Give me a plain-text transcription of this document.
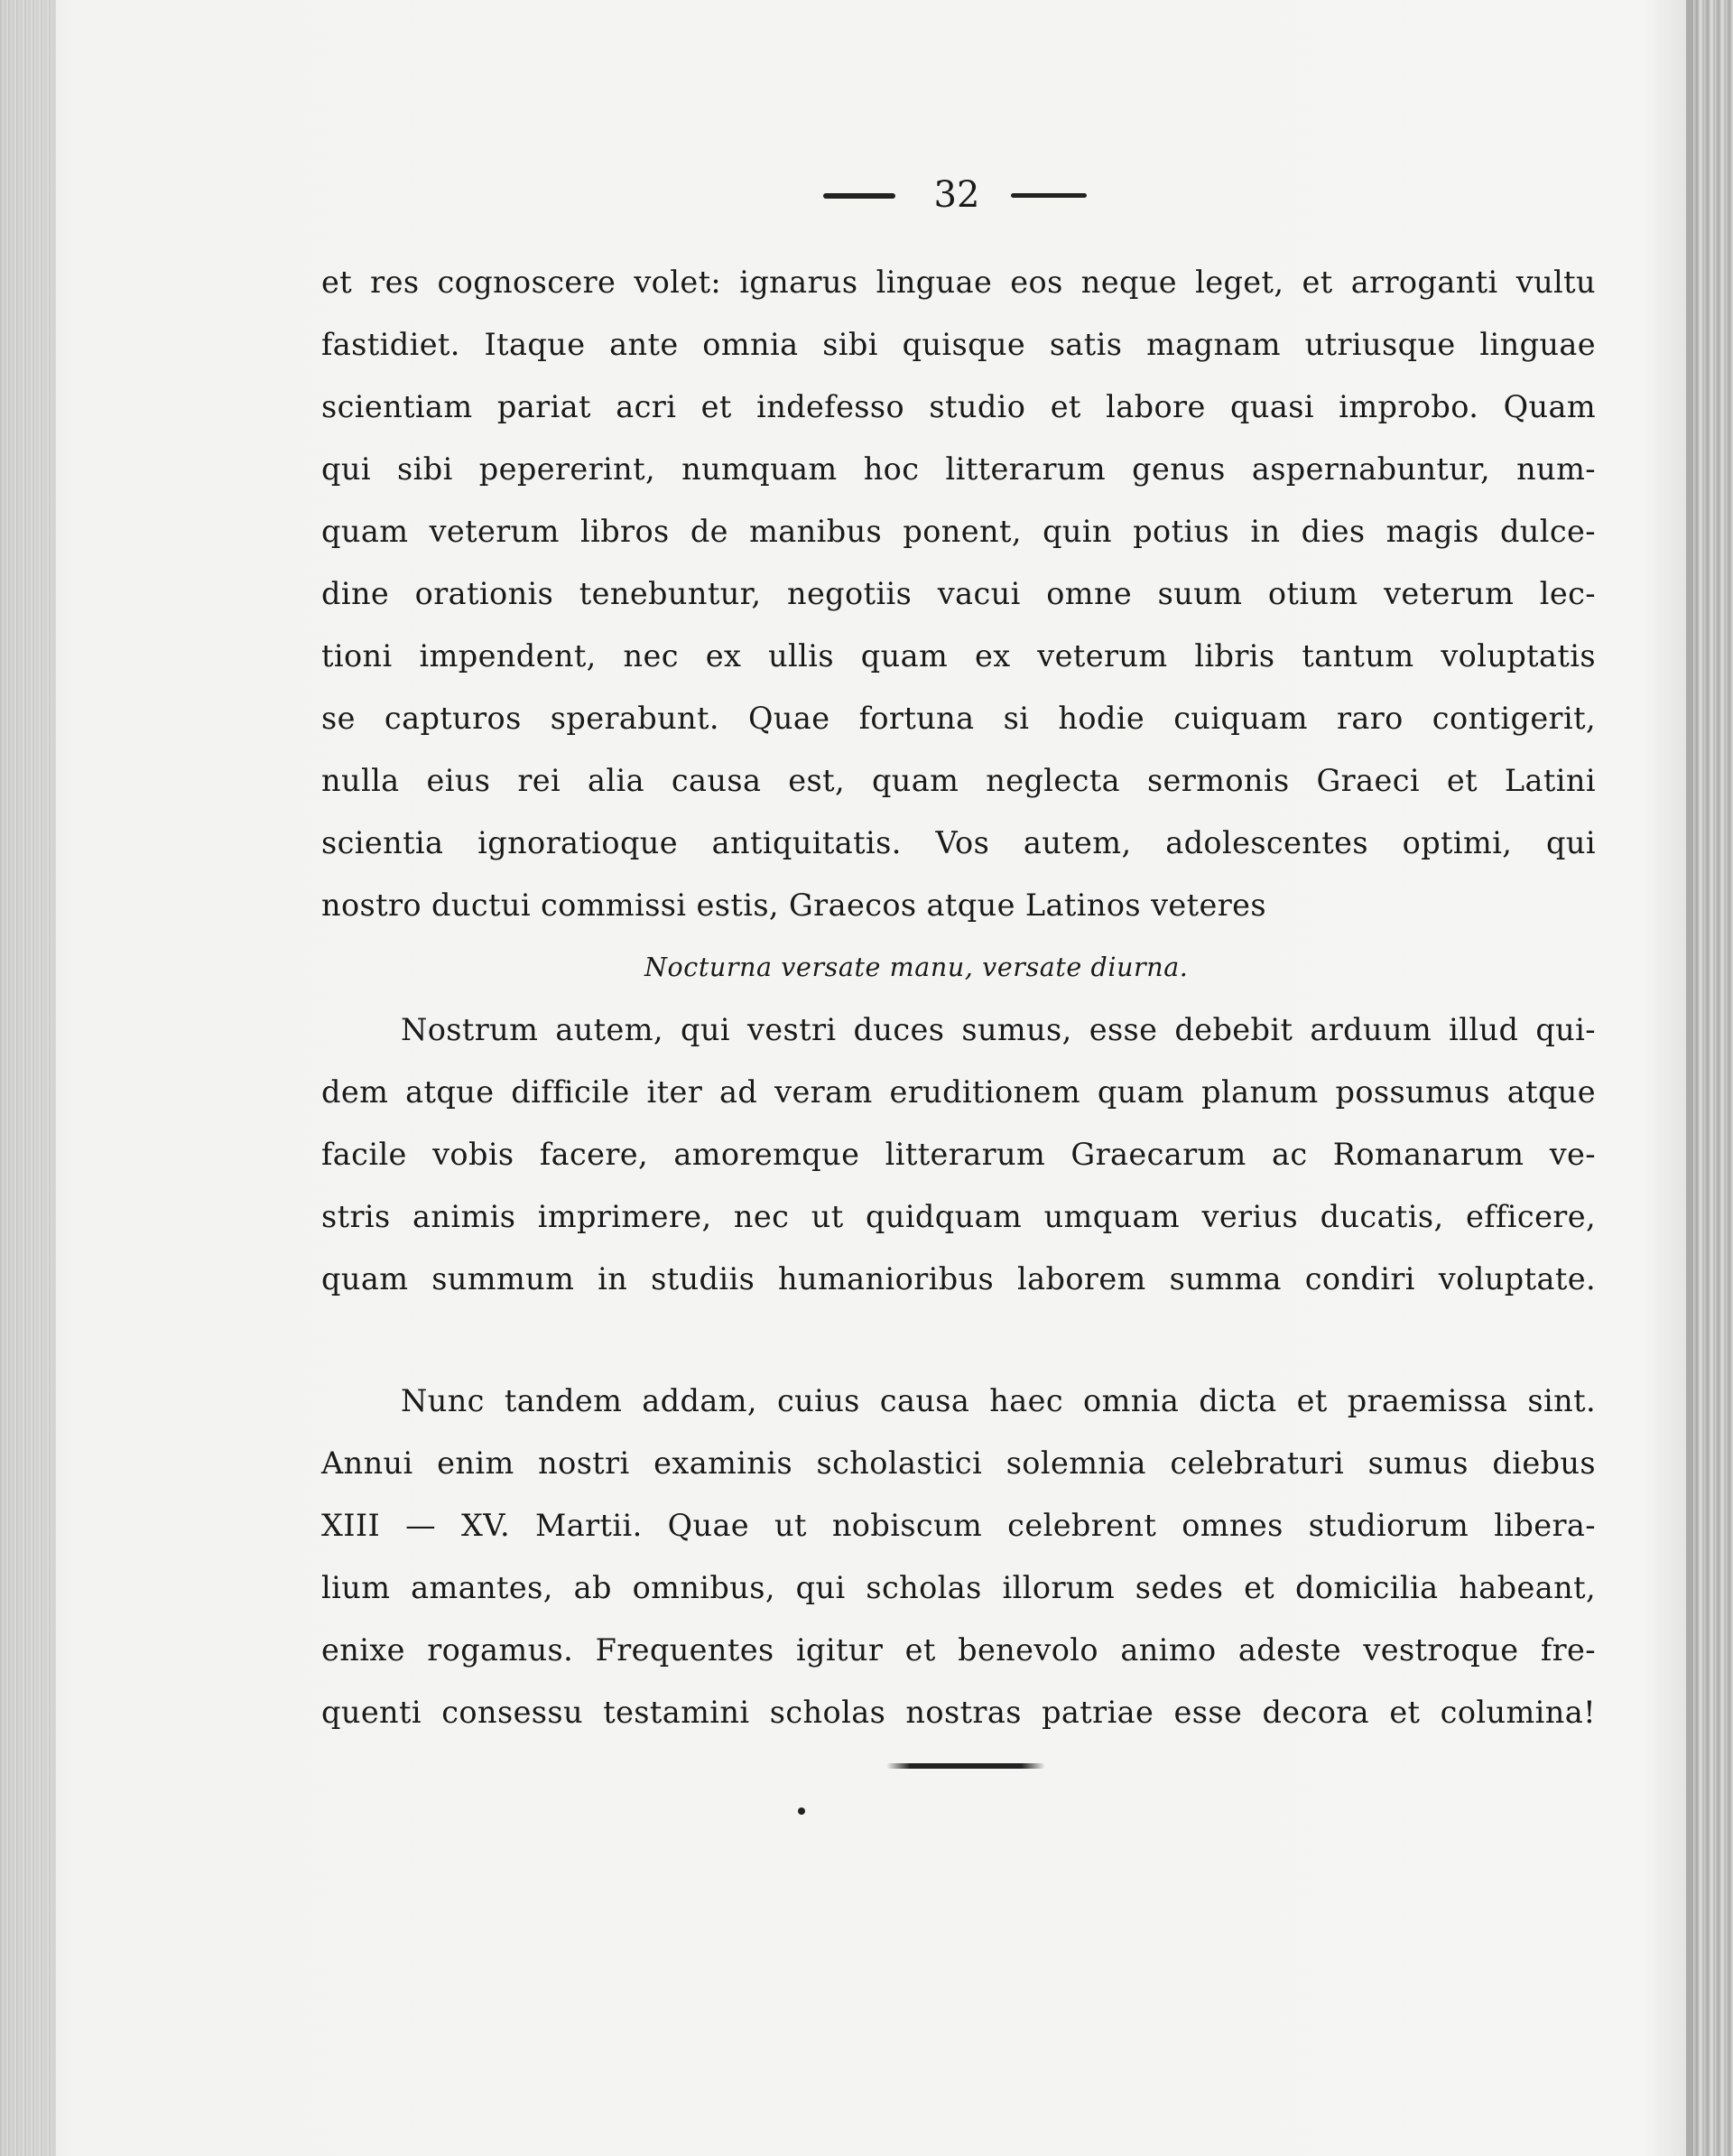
32
et res cognoscere volet: ignarus linguae eos neque leget, et arroganti vultu
fastidiet. Itaque ante omnia sibi quisque satis magnam utriusque linguae
scientiam pariat acri et indefesso studio et labore quasi improbo. Quam
qui sibi pepererint, numquam hoc litterarum genus aspernabuntur, num-
quam veterum libros de manibus ponent, quin potius in dies magis dulce-
dine orationis tenebuntur, negotiis vacui omne suum otium veterum lec-
tioni impendent, nec ex ullis quam ex veterum libris tantum voluptatis
se capturos sperabunt. Quae fortuna si hodie cuiquam raro contigerit,
nulla eius rei alia causa est, quam neglecta sermonis Graeci et Latini
scientia ignoratioque antiquitatis. Vos autem, adolescentes optimi, qui
nostro ductui commissi estis, Graecos atque Latinos veteres
Nocturna versate manu, versate diurna.
Nostrum autem, qui vestri duces sumus, esse debebit arduum illud qui-
dem atque difficile iter ad veram eruditionem quam planum possumus atque
facile vobis facere, amoremque litterarum Graecarum ac Romanarum ve-
stris animis imprimere, nec ut quidquam umquam verius ducatis, efficere,
quam summum in studiis humanioribus laborem summa condiri voluptate.
Nunc tandem addam, cuius causa haec omnia dicta et praemissa sint.
Annui enim nostri examinis scholastici solemnia celebraturi sumus diebus
XIII — XV. Martii. Quae ut nobiscum celebrent omnes studiorum libera-
lium amantes, ab omnibus, qui scholas illorum sedes et domicilia habeant,
enixe rogamus. Frequentes igitur et benevolo animo adeste vestroque fre-
quenti consessu testamini scholas nostras patriae esse decora et columina!
